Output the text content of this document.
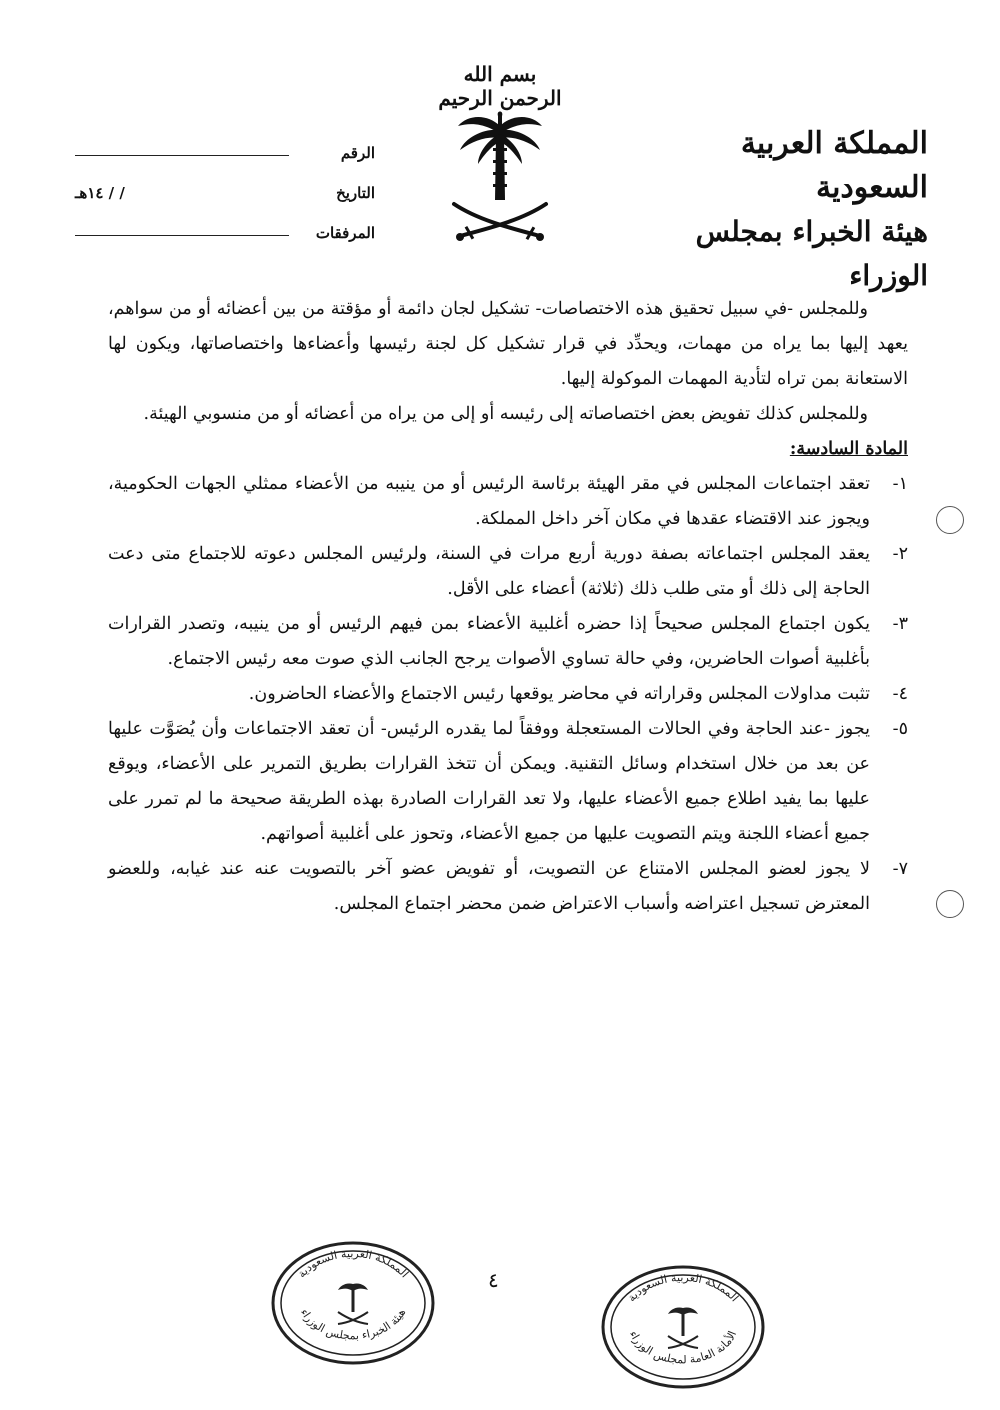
بسم الله الرحمن الرحيم
المملكة العربية السعودية
هيئة الخبراء بمجلس الوزراء
الرقم
التاريخ
/ / ١٤هـ
المرفقات

وللمجلس -في سبيل تحقيق هذه الاختصاصات- تشكيل لجان دائمة أو مؤقتة من بين أعضائه أو من سواهم، يعهد إليها بما يراه من مهمات، ويحدِّد في قرار تشكيل كل لجنة رئيسها وأعضاءها واختصاصاتها، ويكون لها الاستعانة بمن تراه لتأدية المهمات الموكولة إليها.

وللمجلس كذلك تفويض بعض اختصاصاته إلى رئيسه أو إلى من يراه من أعضائه أو من منسوبي الهيئة.

المادة السادسة:

١-
تعقد اجتماعات المجلس في مقر الهيئة برئاسة الرئيس أو من ينيبه من الأعضاء ممثلي الجهات الحكومية، ويجوز عند الاقتضاء عقدها في مكان آخر داخل المملكة.
٢-
يعقد المجلس اجتماعاته بصفة دورية أربع مرات في السنة، ولرئيس المجلس دعوته للاجتماع متى دعت الحاجة إلى ذلك أو متى طلب ذلك (ثلاثة) أعضاء على الأقل.
٣-
يكون اجتماع المجلس صحيحاً إذا حضره أغلبية الأعضاء بمن فيهم الرئيس أو من ينيبه، وتصدر القرارات بأغلبية أصوات الحاضرين، وفي حالة تساوي الأصوات يرجح الجانب الذي صوت معه رئيس الاجتماع.
٤-
تثبت مداولات المجلس وقراراته في محاضر يوقعها رئيس الاجتماع والأعضاء الحاضرون.
٥-
يجوز -عند الحاجة وفي الحالات المستعجلة ووفقاً لما يقدره الرئيس- أن تعقد الاجتماعات وأن يُصَوَّت عليها عن بعد من خلال استخدام وسائل التقنية. ويمكن أن تتخذ القرارات بطريق التمرير على الأعضاء، ويوقع عليها بما يفيد اطلاع جميع الأعضاء عليها، ولا تعد القرارات الصادرة بهذه الطريقة صحيحة ما لم تمرر على جميع أعضاء اللجنة ويتم التصويت عليها من جميع الأعضاء، وتحوز على أغلبية أصواتهم.
٧-
لا يجوز لعضو المجلس الامتناع عن التصويت، أو تفويض عضو آخر بالتصويت عنه عند غيابه، وللعضو المعترض تسجيل اعتراضه وأسباب الاعتراض ضمن محضر اجتماع المجلس.
٤
المملكة العربية السعودية
هيئة الخبراء بمجلس الوزراء
المملكة العربية السعودية
الأمانة العامة لمجلس الوزراء
